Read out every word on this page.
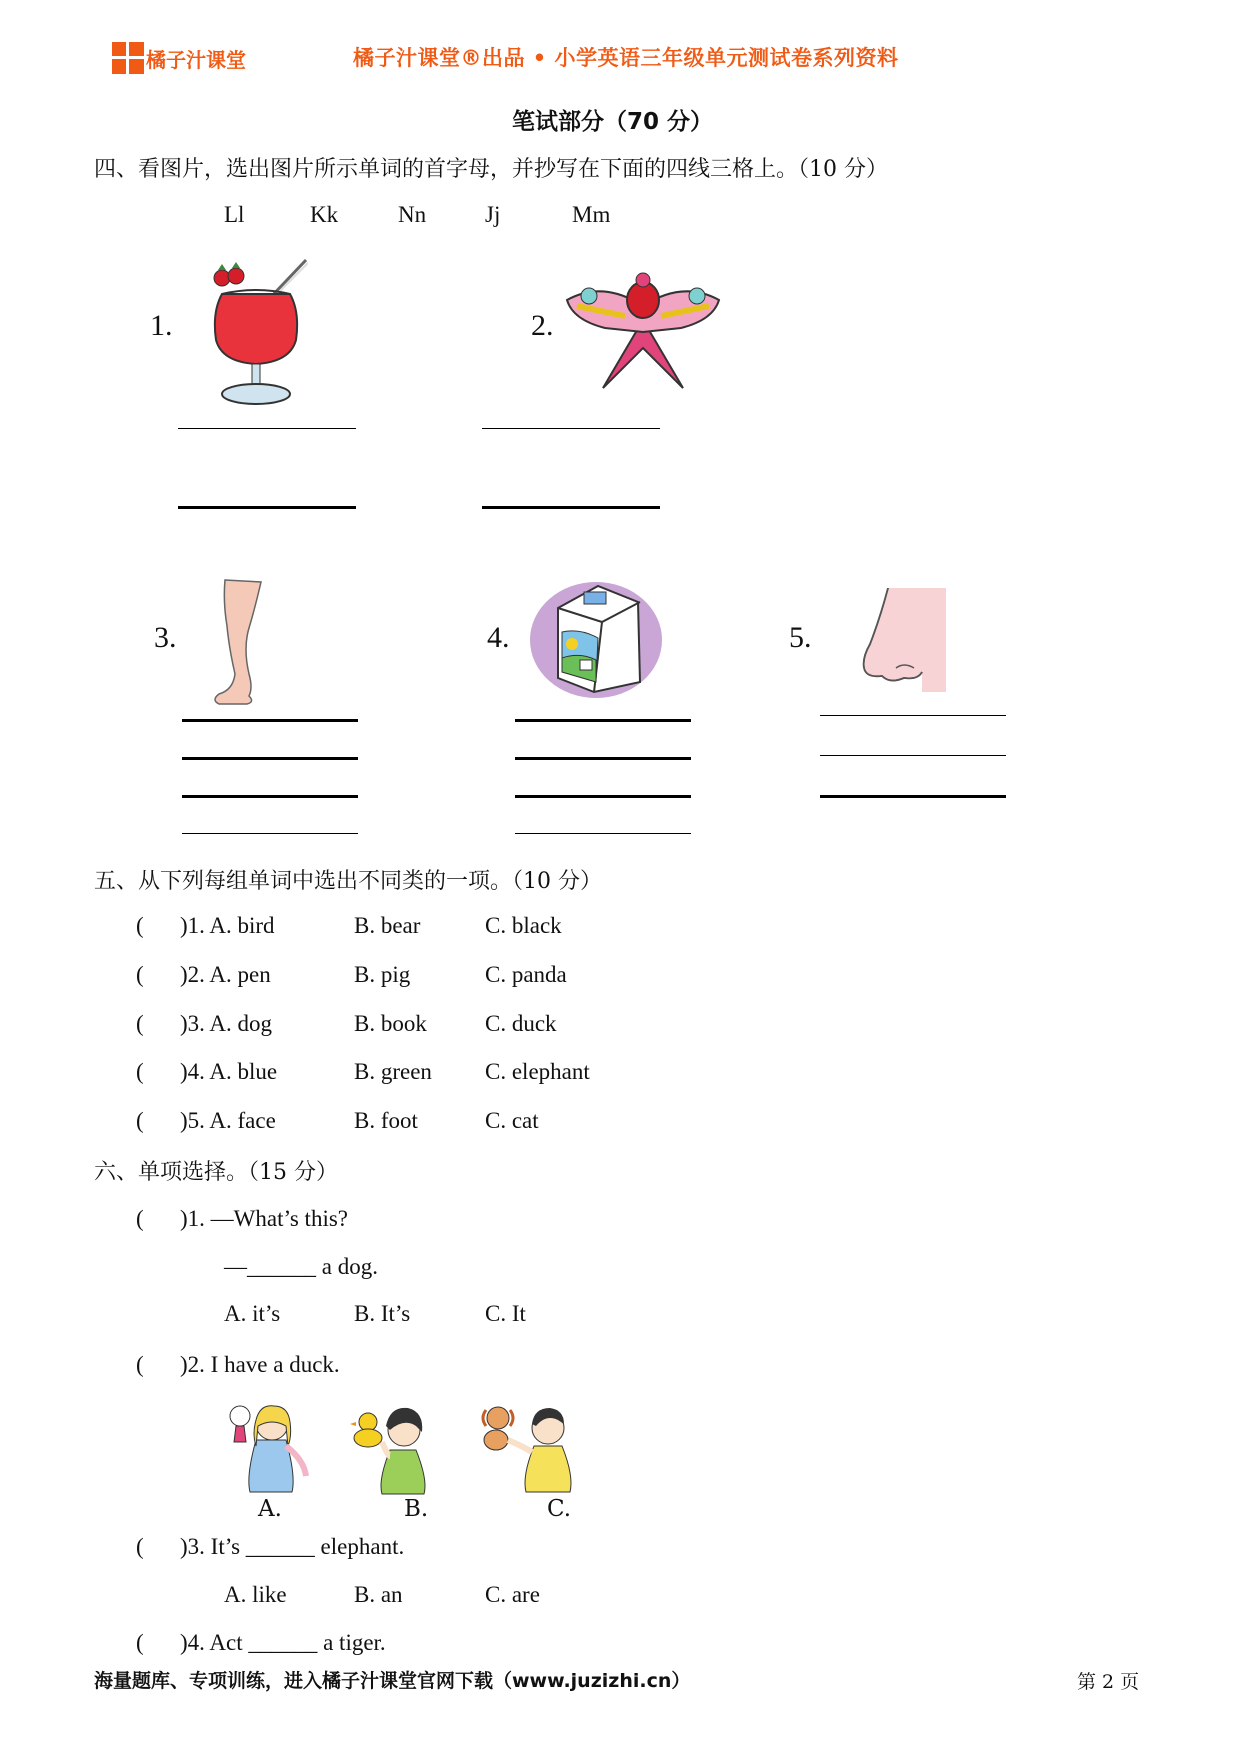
橘子汁课堂	橘子汁课堂®出品 • 小学英语三年级单元测试卷系列资料
笔试部分（70 分）
四、看图片，选出图片所示单词的首字母，并抄写在下面的四线三格上。（10 分）
Ll	Kk	Nn	Jj	Mm
1.	2.
3.	4.	5.
五、从下列每组单词中选出不同类的一项。（10 分）
( )1. A. bird	B. bear	C. black
( )2. A. pen	B. pig	C. panda
( )3. A. dog	B. book	C. duck
( )4. A. blue	B. green C. elephant
( )5. A. face	B. foot	C. cat
六、单项选择。（15 分）
( )1. —What’s this?
—______ a dog.
A. it’s	B. It’s	C. It
( )2. I have a duck.
A.	B.	C.
( )3. It’s ______ elephant.
A. like	B. an	C. are
( )4. Act ______ a tiger.
海量题库、专项训练，进入橘子汁课堂官网下载（www.juzizhi.cn）	第 2 页
